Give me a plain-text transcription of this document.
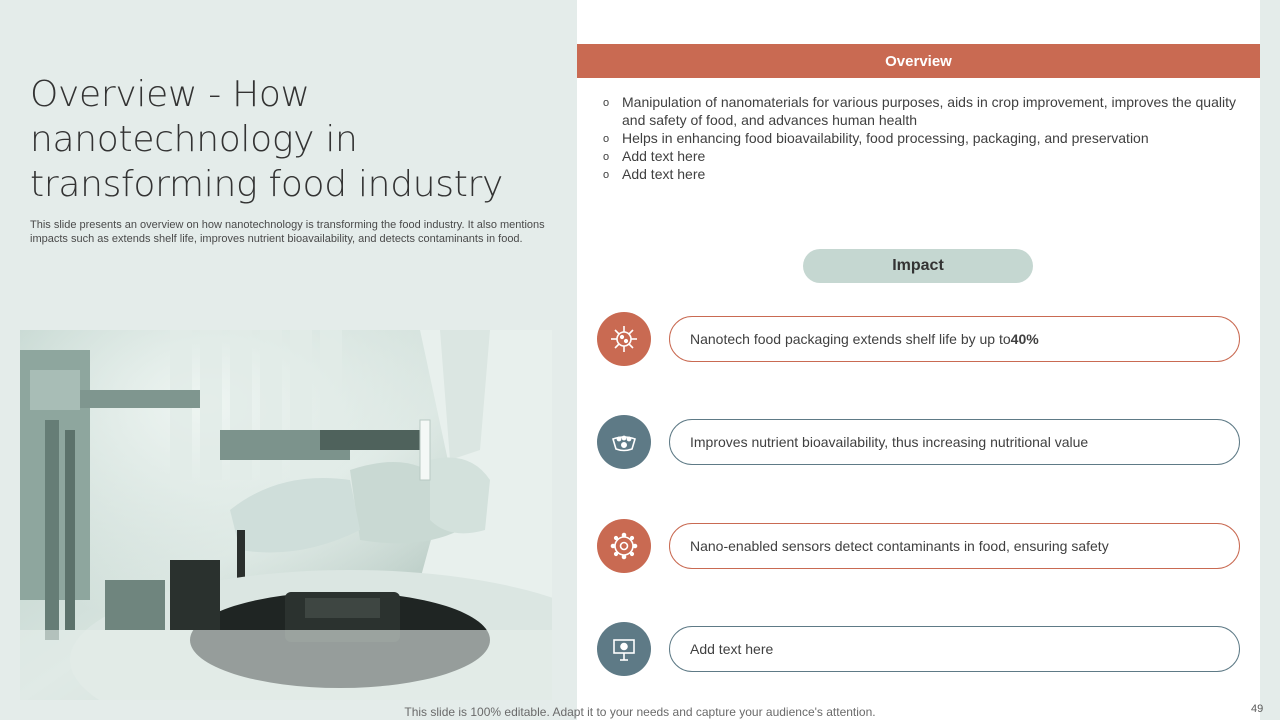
Overview - How nanotechnology in transforming food industry

This slide presents an overview on how nanotechnology is transforming the food industry. It also mentions impacts such as extends shelf life, improves nutrient bioavailability, and detects contaminants in food.

Overview
o Manipulation of nanomaterials for various purposes, aids in crop improvement, improves the quality and safety of food, and advances human health
o Helps in enhancing food bioavailability, food processing, packaging, and preservation
o Add text here
o Add text here
Impact
Nanotech food packaging extends shelf life by up to 40%
Improves nutrient bioavailability, thus increasing nutritional value
Nano-enabled sensors detect contaminants in food, ensuring safety
Add text here
This slide is 100% editable. Adapt it to your needs and capture your audience's attention.	49
